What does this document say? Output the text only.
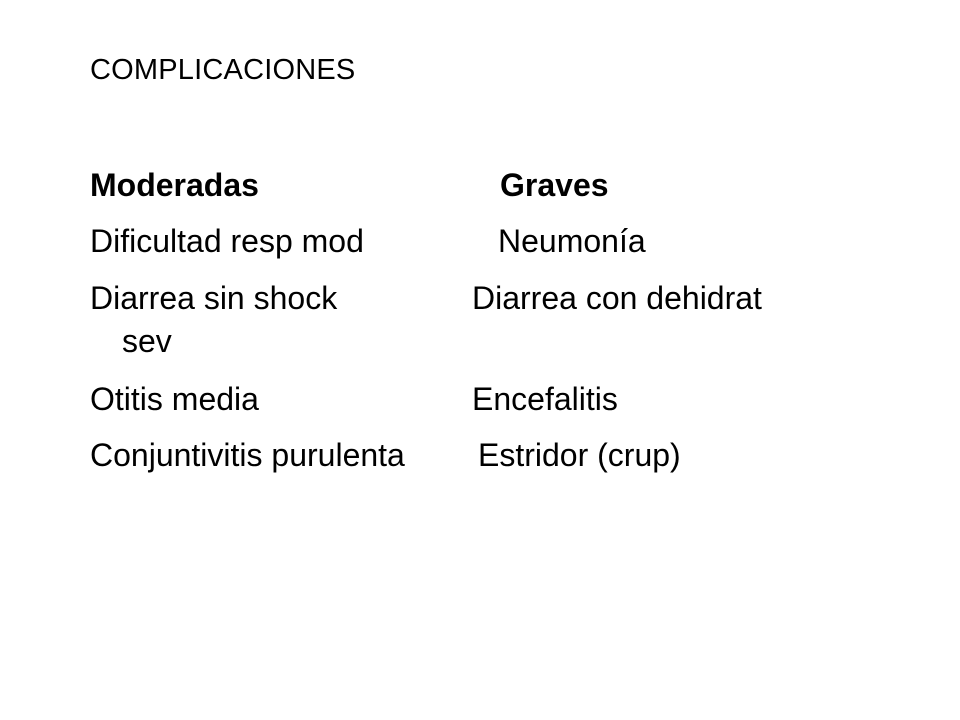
COMPLICACIONES
Moderadas	Graves
Dificultad resp mod	Neumonía
Diarrea sin shock	Diarrea con dehidrat
sev
Otitis media	Encefalitis
Conjuntivitis purulenta Estridor (crup)
